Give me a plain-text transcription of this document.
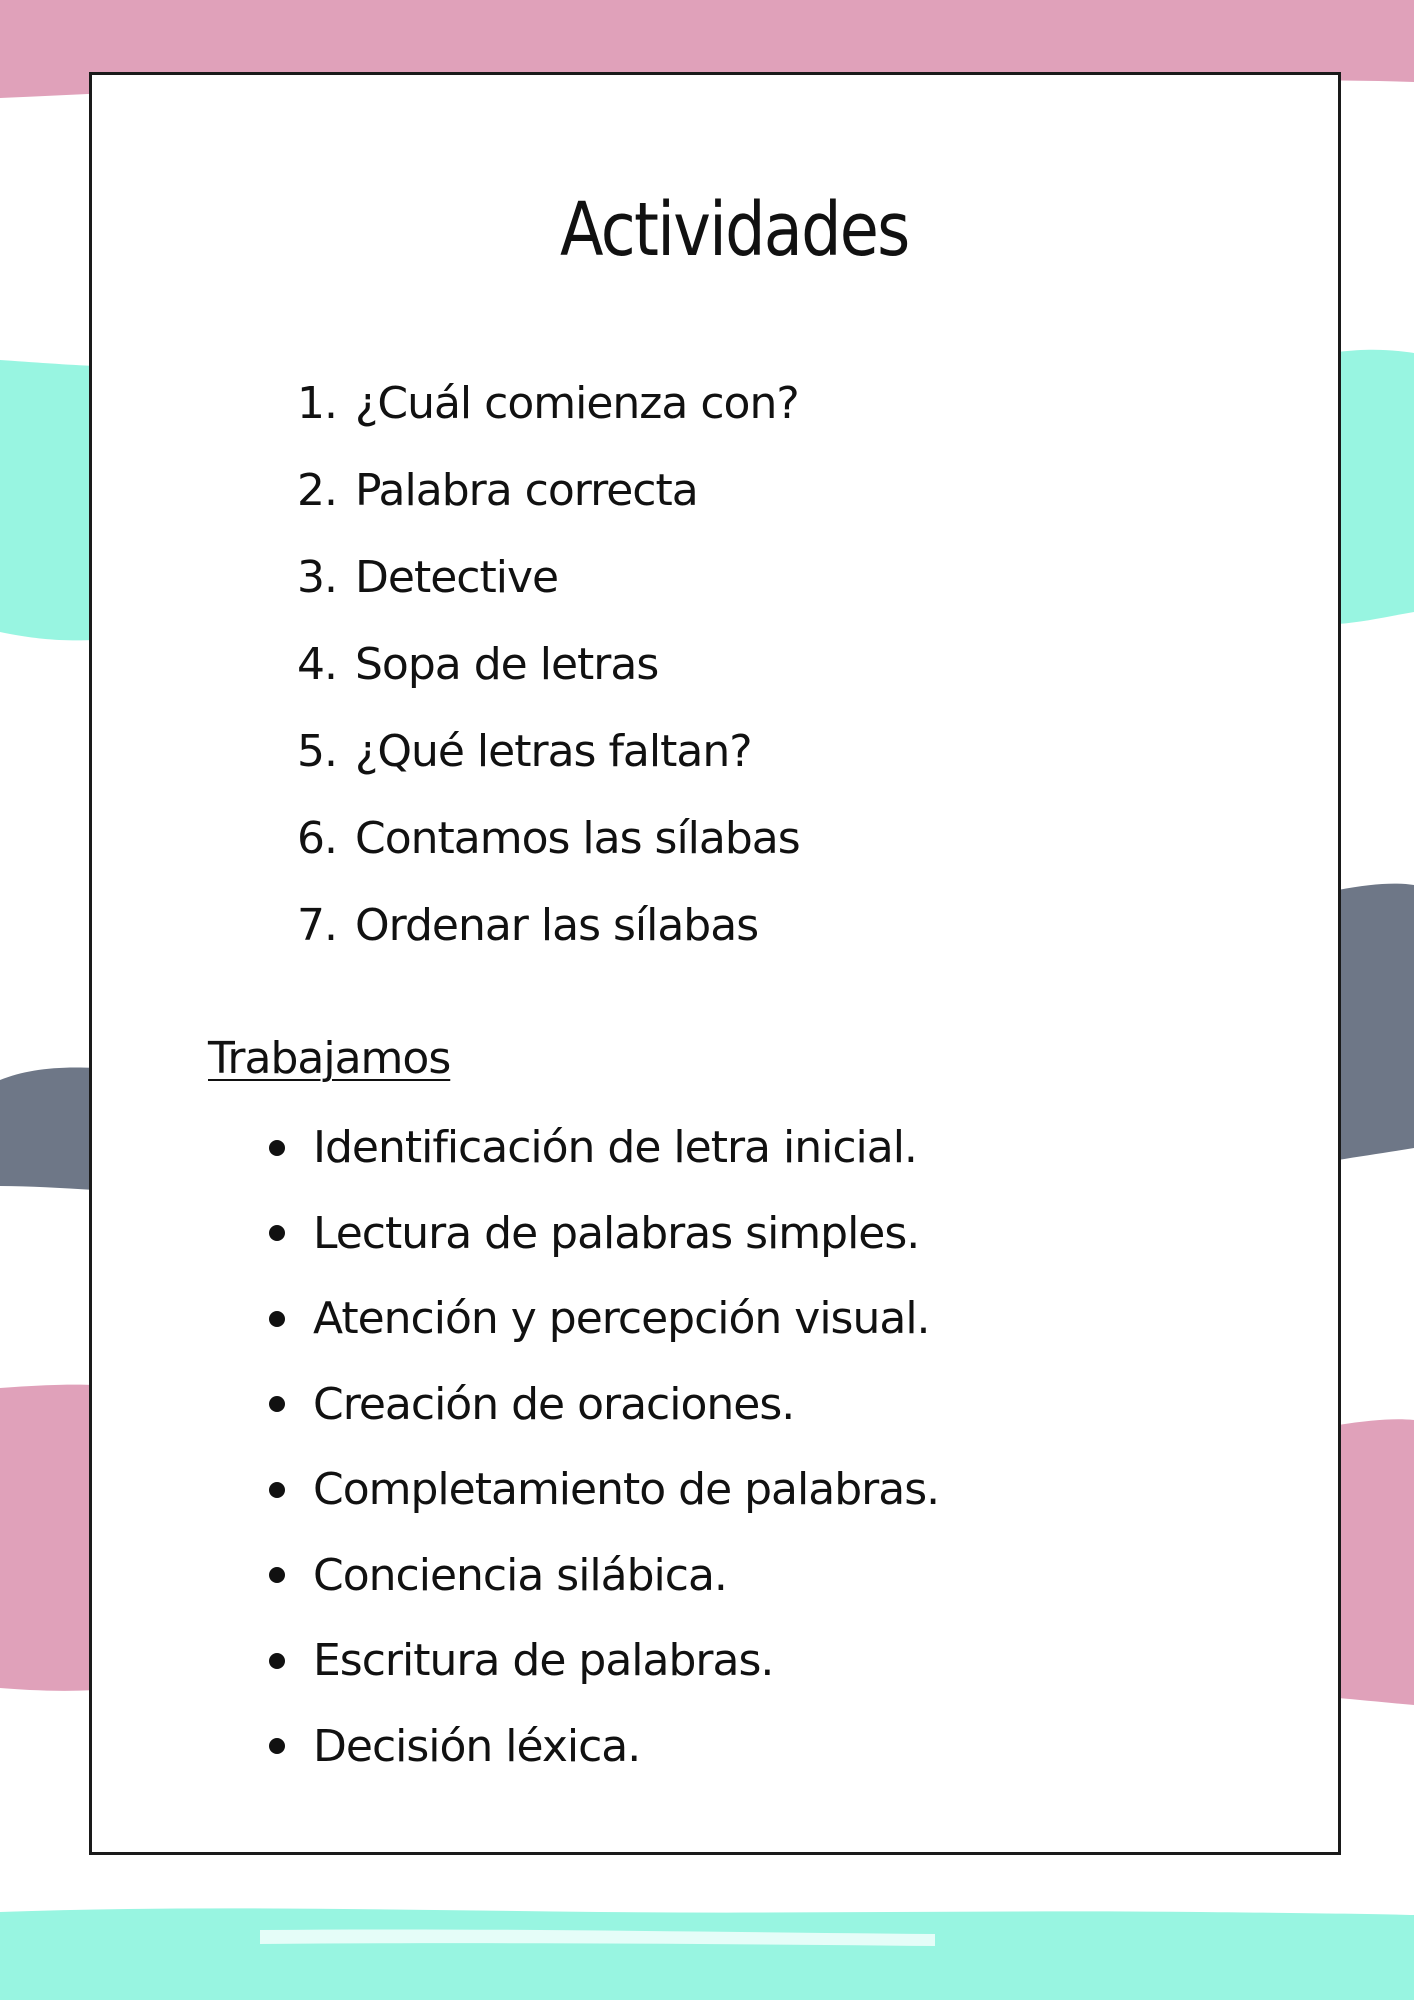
Actividades
1. ¿Cuál comienza con?
2. Palabra correcta
3. Detective
4. Sopa de letras
5. ¿Qué letras faltan?
6. Contamos las sílabas
7. Ordenar las sílabas
Trabajamos
Identificación de letra inicial.
Lectura de palabras simples.
Atención y percepción visual.
Creación de oraciones.
Completamiento de palabras.
Conciencia silábica.
Escritura de palabras.
Decisión léxica.
